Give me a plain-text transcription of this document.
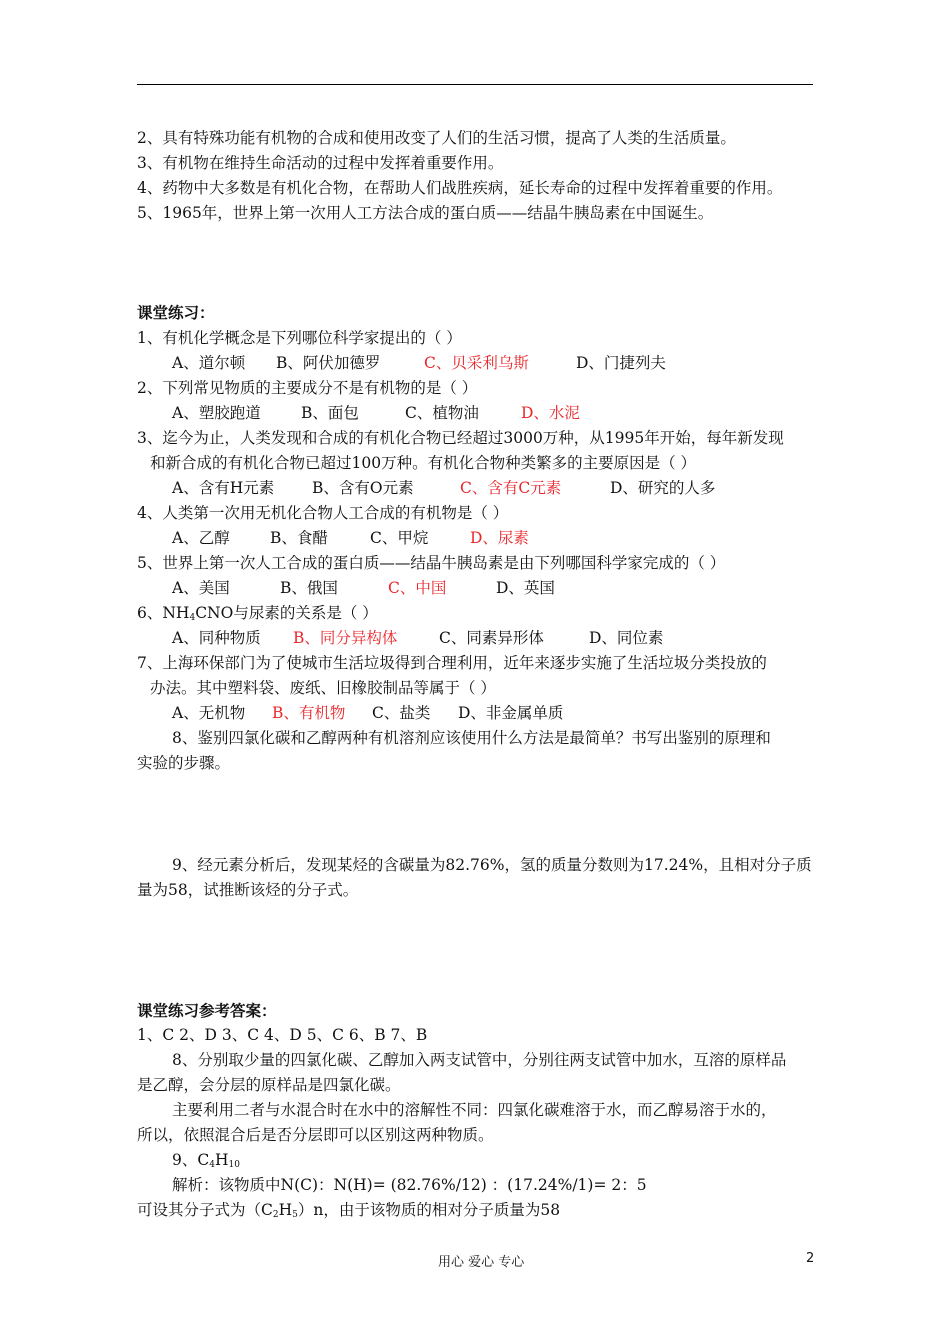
2、具有特殊功能有机物的合成和使用改变了人们的生活习惯，提高了人类的生活质量。
3、有机物在维持生命活动的过程中发挥着重要作用。
4、药物中大多数是有机化合物，在帮助人们战胜疾病，延长寿命的过程中发挥着重要的作用。
5、1965年，世界上第一次用人工方法合成的蛋白质——结晶牛胰岛素在中国诞生。
课堂练习：
1、有机化学概念是下列哪位科学家提出的（ ）
A、道尔顿 B、阿伏加德罗	C、贝采利乌斯	D、门捷列夫
2、下列常见物质的主要成分不是有机物的是（ ）
A、塑胶跑道	B、面包	C、植物油	D、水泥
3、迄今为止，人类发现和合成的有机化合物已经超过3000万种，从1995年开始，每年新发现
和新合成的有机化合物已超过100万种。有机化合物种类繁多的主要原因是（ ）
A、含有H元素 B、含有O元素	C、含有C元素	D、研究的人多
4、人类第一次用无机化合物人工合成的有机物是（ ）
A、乙醇	B、食醋	C、甲烷	D、尿素
5、世界上第一次人工合成的蛋白质——结晶牛胰岛素是由下列哪国科学家完成的（ ）
A、美国	B、俄国	C、中国	D、英国
6、$NH_4CNO$与尿素的关系是（ ）
A、同种物质 B、同分异构体	C、同素异形体	D、同位素
7、上海环保部门为了使城市生活垃圾得到合理利用，近年来逐步实施了生活垃圾分类投放的
办法。其中塑料袋、废纸、旧橡胶制品等属于（ ）
A、无机物 B、有机物 C、盐类 D、非金属单质
8、鉴别四氯化碳和乙醇两种有机溶剂应该使用什么方法是最简单？书写出鉴别的原理和
实验的步骤。
9、经元素分析后，发现某烃的含碳量为82.76%，氢的质量分数则为17.24%，且相对分子质
量为58，试推断该烃的分子式。
课堂练习参考答案：
1、C 2、D 3、C 4、D 5、C 6、B 7、B
8、分别取少量的四氯化碳、乙醇加入两支试管中，分别往两支试管中加水，互溶的原样品
是乙醇，会分层的原样品是四氯化碳。
主要利用二者与水混合时在水中的溶解性不同：四氯化碳难溶于水，而乙醇易溶于水的，
所以，依照混合后是否分层即可以区别这两种物质。
9、$C_4H_{10}$
解析：该物质中N(C)：N(H)= (82.76%/12) ：(17.24%/1)= 2：5
可设其分子式为$(C_2H_5)n$，由于该物质的相对分子质量为58
用心 爱心 专心	2
